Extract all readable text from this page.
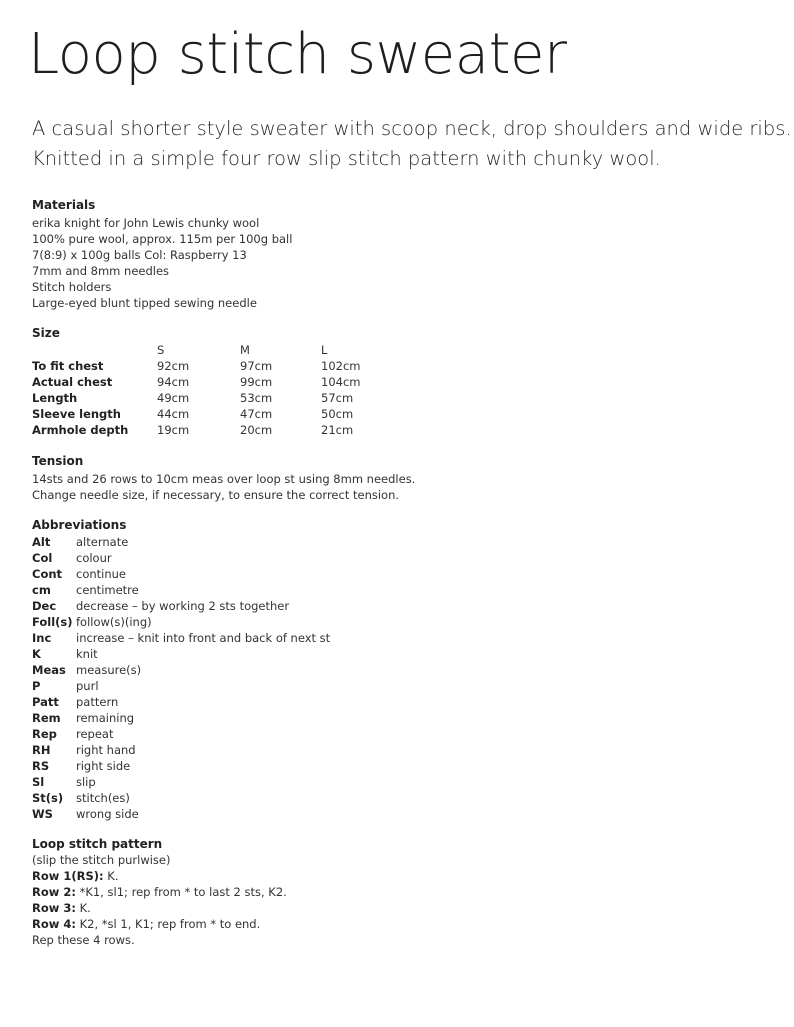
Loop stitch sweater

A casual shorter style sweater with scoop neck, drop shoulders and wide ribs.
Knitted in a simple four row slip stitch pattern with chunky wool.

Materials
erika knight for John Lewis chunky wool
100% pure wool, approx. 115m per 100g ball
7(8:9) x 100g balls Col: Raspberry 13
7mm and 8mm needles
Stitch holders
Large-eyed blunt tipped sewing needle
Size
	S	M	L
To fit chest	92cm	97cm	102cm
Actual chest	94cm	99cm	104cm
Length	49cm	53cm	57cm
Sleeve length	44cm	47cm	50cm
Armhole depth	19cm	20cm	21cm
Tension
14sts and 26 rows to 10cm meas over loop st using 8mm needles.
Change needle size, if necessary, to ensure the correct tension.
Abbreviations
Alt	alternate
Col	colour
Cont	continue
cm	centimetre
Dec	decrease – by working 2 sts together
Foll(s)	follow(s)(ing)
Inc	increase – knit into front and back of next st
K	knit
Meas	measure(s)
P	purl
Patt	pattern
Rem	remaining
Rep	repeat
RH	right hand
RS	right side
Sl	slip
St(s)	stitch(es)
WS	wrong side
Loop stitch pattern
(slip the stitch purlwise)
Row 1(RS): K.
Row 2: *K1, sl1; rep from * to last 2 sts, K2.
Row 3: K.
Row 4: K2, *sl 1, K1; rep from * to end.
Rep these 4 rows.
